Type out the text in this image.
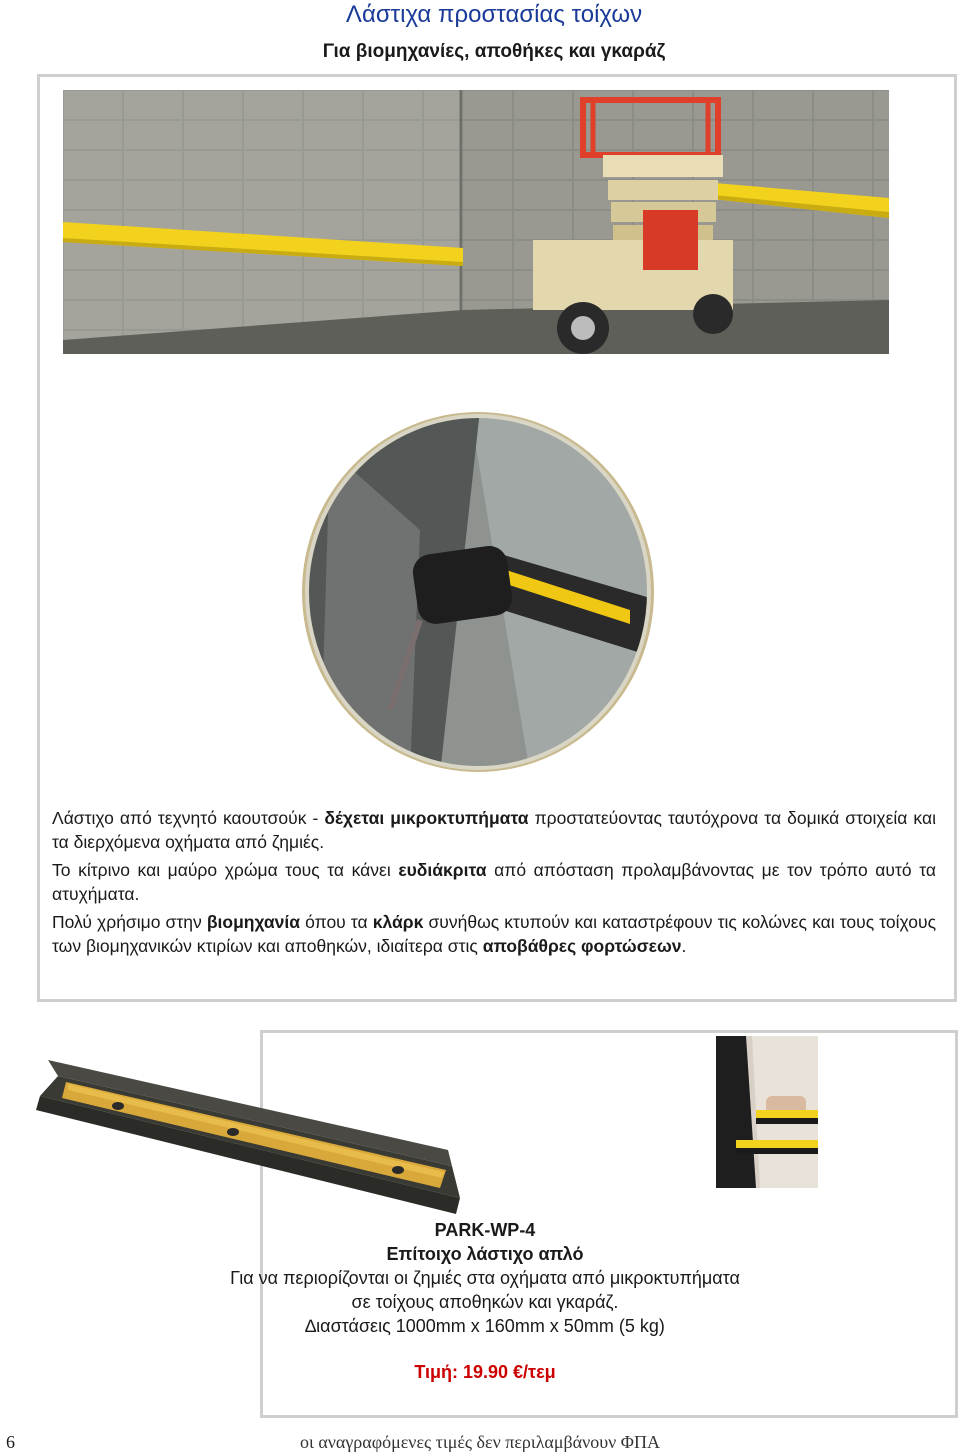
Λάστιχα προστασίας τοίχων
Για βιομηχανίες, αποθήκες και γκαράζ

Λάστιχο από τεχνητό καουτσούκ - δέχεται μικροκτυπήματα προστατεύοντας ταυτόχρονα τα δομικά στοιχεία και τα διερχόμενα οχήματα από ζημιές.

Το κίτρινο και μαύρο χρώμα τους τα κάνει ευδιάκριτα από απόσταση προλαμβάνοντας με τον τρόπο αυτό τα ατυχήματα.

Πολύ χρήσιμο στην βιομηχανία όπου τα κλάρκ συνήθως κτυπούν και καταστρέφουν τις κολώνες και τους τοίχους των βιομηχανικών κτιρίων και αποθηκών, ιδιαίτερα στις αποβάθρες φορτώσεων.

PARK-WP-4
Επίτοιχο λάστιχο απλό
Για να περιορίζονται οι ζημιές στα οχήματα από μικροκτυπήματα
σε τοίχους αποθηκών και γκαράζ.
∆ιαστάσεις 1000mm x 160mm x 50mm (5 kg)
Τιμή: 19.90 €/τεμ
6	οι αναγραφόμενες τιμές δεν περιλαμβάνουν ΦΠΑ
